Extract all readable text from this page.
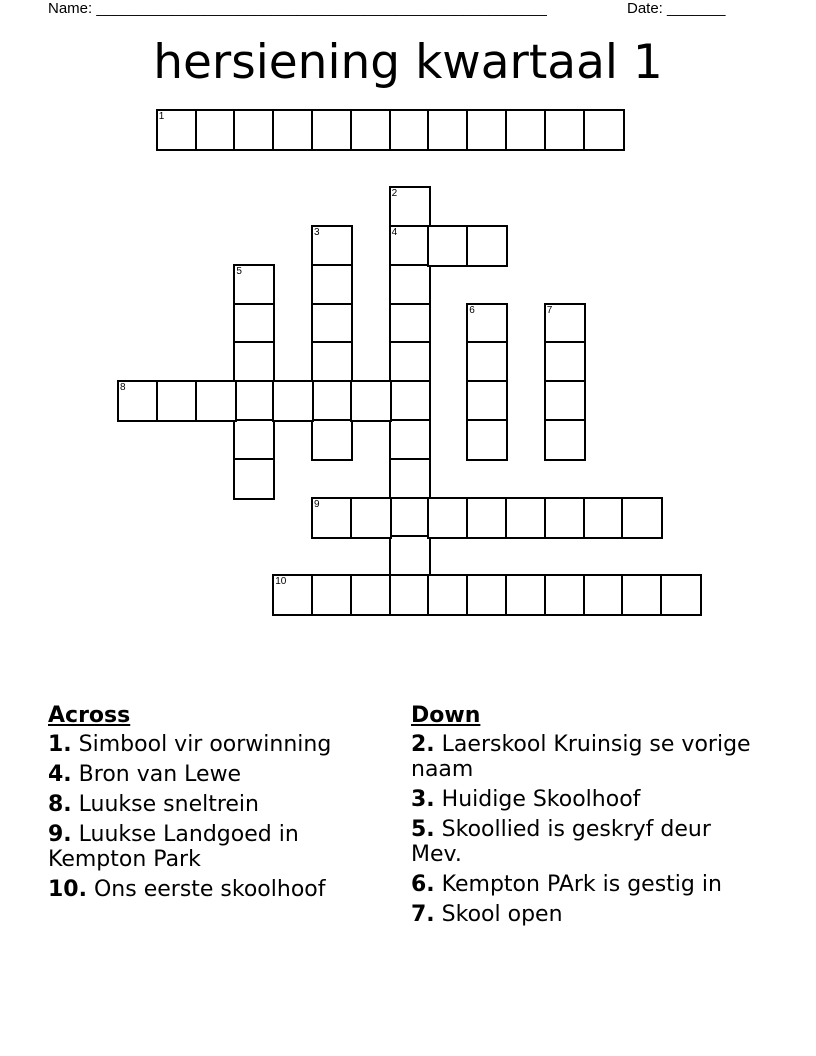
Name: ______________________________________________________	Date: _______
hersiening kwartaal 1
1
2
4
3
5
6	7
8
9
10
Across
1. Simbool vir oorwinning
4. Bron van Lewe
8. Luukse sneltrein
9. Luukse Landgoed in Kempton Park
10. Ons eerste skoolhoof
Down
2. Laerskool Kruinsig se vorige naam
3. Huidige Skoolhoof
5. Skoollied is geskryf deur Mev.
6. Kempton PArk is gestig in
7. Skool open
